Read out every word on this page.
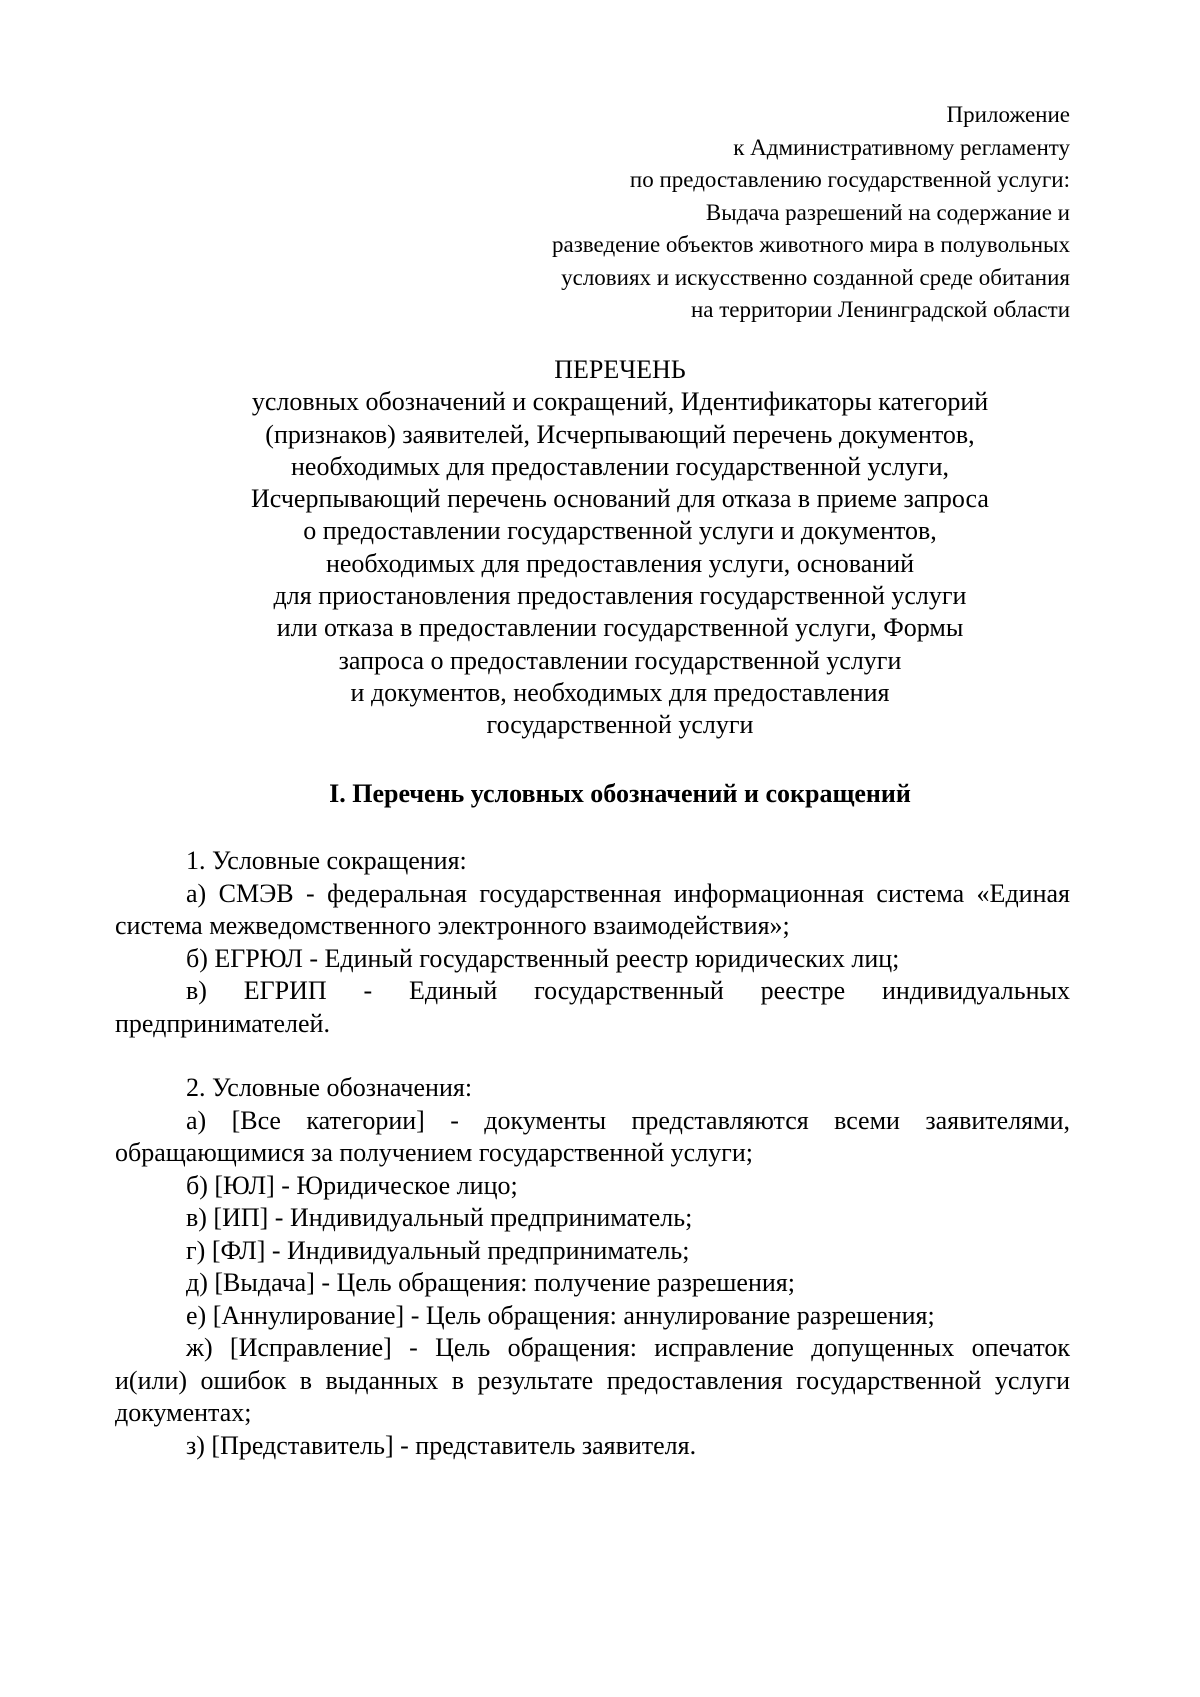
Приложение
к Административному регламенту
по предоставлению государственной услуги:
Выдача разрешений на содержание и
разведение объектов животного мира в полувольных
условиях и искусственно созданной среде обитания
на территории Ленинградской области
ПЕРЕЧЕНЬ
условных обозначений и сокращений, Идентификаторы категорий
(признаков) заявителей, Исчерпывающий перечень документов,
необходимых для предоставлении государственной услуги,
Исчерпывающий перечень оснований для отказа в приеме запроса
о предоставлении государственной услуги и документов,
необходимых для предоставления услуги, оснований
для приостановления предоставления государственной услуги
или отказа в предоставлении государственной услуги, Формы
запроса о предоставлении государственной услуги
и документов, необходимых для предоставления
государственной услуги
I. Перечень условных обозначений и сокращений
1. Условные сокращения:
а) СМЭВ - федеральная государственная информационная система «Единая система межведомственного электронного взаимодействия»;
б) ЕГРЮЛ - Единый государственный реестр юридических лиц;
в) ЕГРИП - Единый государственный реестре индивидуальных предпринимателей.
2. Условные обозначения:
а) [Все категории] - документы представляются всеми заявителями, обращающимися за получением государственной услуги;
б) [ЮЛ] - Юридическое лицо;
в) [ИП] - Индивидуальный предприниматель;
г) [ФЛ] - Индивидуальный предприниматель;
д) [Выдача] - Цель обращения: получение разрешения;
е) [Аннулирование] - Цель обращения: аннулирование разрешения;
ж) [Исправление] - Цель обращения: исправление допущенных опечаток и(или) ошибок в выданных в результате предоставления государственной услуги документах;
з) [Представитель] - представитель заявителя.
